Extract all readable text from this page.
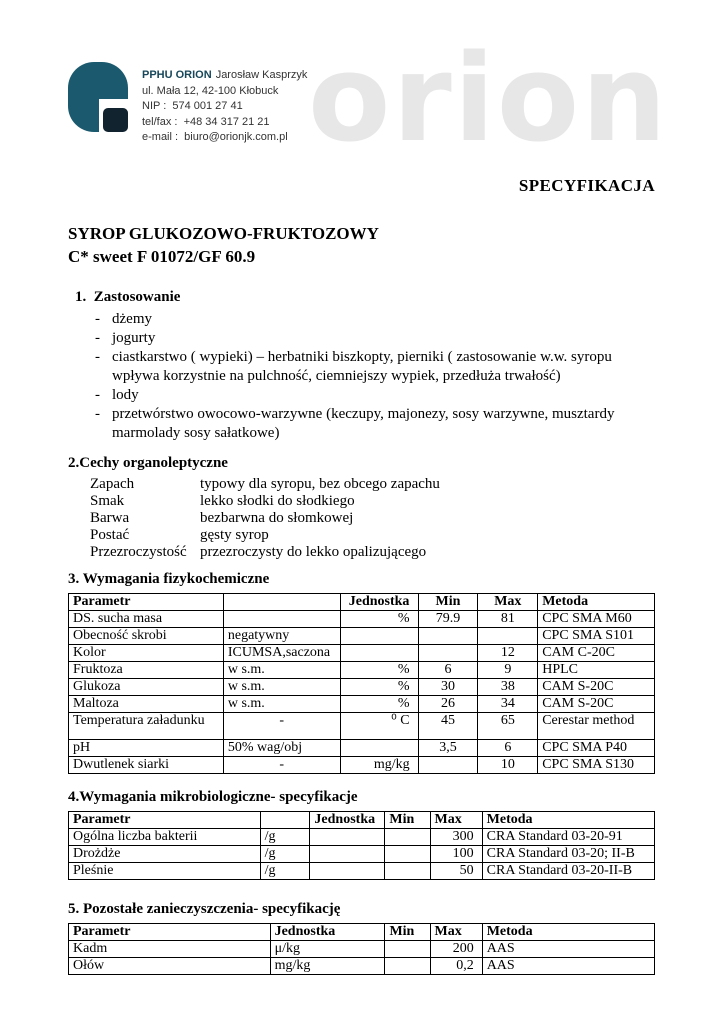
orion
PPHU ORION Jarosław Kasprzyk
ul. Mała 12, 42-100 Kłobuck
NIP :  574 001 27 41
tel/fax :  +48 34 317 21 21
e-mail :  biuro@orionjk.com.pl
SPECYFIKACJA
SYROP GLUKOZOWO-FRUKTOZOWY
C* sweet F 01072/GF 60.9
1.  Zastosowanie
- dżemy
- jogurty
- ciastkarstwo ( wypieki) – herbatniki biszkopty, pierniki ( zastosowanie w.w. syropu wpływa korzystnie na pulchność, ciemniejszy wypiek, przedłuża trwałość)
- lody
- przetwórstwo owocowo-warzywne (keczupy, majonezy, sosy warzywne, musztardy marmolady sosy sałatkowe)
2.Cechy organoleptyczne
Zapach	typowy dla syropu, bez obcego zapachu
Smak	lekko słodki do słodkiego
Barwa	bezbarwna do słomkowej
Postać	gęsty syrop
Przezroczystość przezroczysty do lekko opalizującego
3. Wymagania fizykochemiczne
Parametr		Jednostka	Min	Max	Metoda
DS. sucha masa		%	79.9	81	CPC SMA M60
Obecność skrobi	negatywny				CPC SMA S101
Kolor	ICUMSA,saczona			12	CAM C-20C
Fruktoza	w s.m.	%	6	9	HPLC
Glukoza	w s.m.	%	30	38	CAM S-20C
Maltoza	w s.m.	%	26	34	CAM S-20C
Temperatura załadunku	-	⁰ C	45	65	Cerestar method
pH	50% wag/obj		3,5	6	CPC SMA P40
Dwutlenek siarki	-	mg/kg		10	CPC SMA S130
4.Wymagania mikrobiologiczne- specyfikacje
Parametr		Jednostka	Min	Max	Metoda
Ogólna liczba bakterii	/g			300	CRA Standard 03-20-91
Drożdże	/g			100	CRA Standard 03-20; II-B
Pleśnie	/g			50	CRA Standard 03-20-II-B
5. Pozostałe zanieczyszczenia- specyfikację
Parametr	Jednostka	Min	Max	Metoda
Kadm	μ/kg		200	AAS
Ołów	mg/kg		0,2	AAS
